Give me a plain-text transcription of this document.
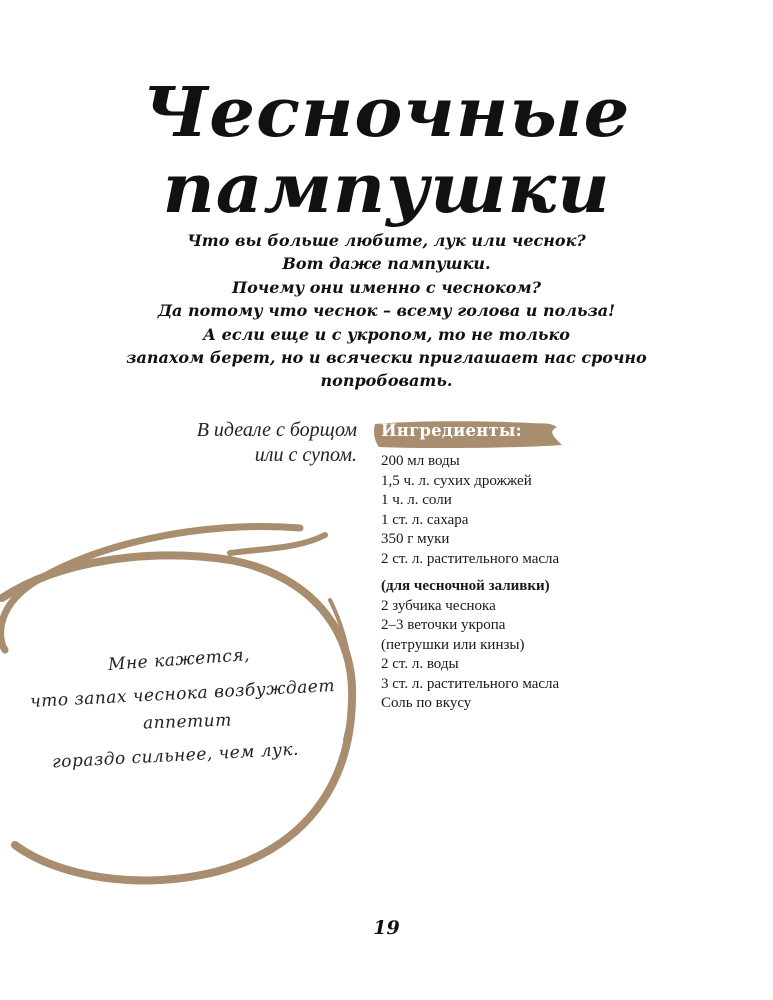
Чесночные
пампушки
Что вы больше любите, лук или чеснок?
Вот даже пампушки.
Почему они именно с чесноком?
Да потому что чеснок – всему голова и польза!
А если еще и с укропом, то не только
запахом берет, но и всячески приглашает нас срочно
попробовать.
В идеале с борщом
или с супом.
Ингредиенты:
200 мл воды
1,5 ч. л. сухих дрожжей
1 ч. л. соли
1 ст. л. сахара
350 г муки
2 ст. л. растительного масла
(для чесночной заливки)
2 зубчика чеснока
2–3 веточки укропа
(петрушки или кинзы)
2 ст. л. воды
3 ст. л. растительного масла
Соль по вкусу
Мне кажется,
что запах чеснока возбуждает
аппетит
гораздо сильнее, чем лук.
19
